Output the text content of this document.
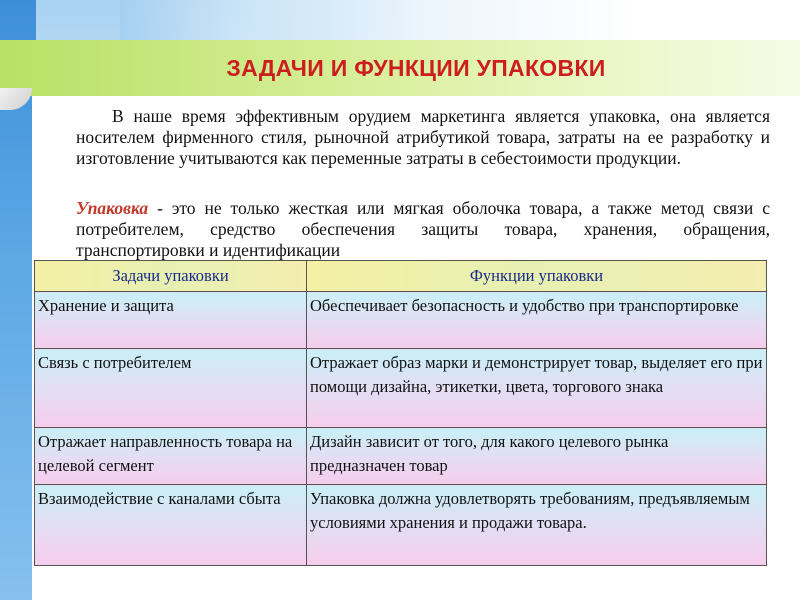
ЗАДАЧИ И ФУНКЦИИ УПАКОВКИ

В наше время эффективным орудием маркетинга является упаковка, она является носителем фирменного стиля, рыночной атрибутикой товара, затраты на ее разработку и изготовление учитываются как переменные затраты в себестоимости продукции.

Упаковка - это не только жесткая или мягкая оболочка товара, а также метод связи с потребителем, средство обеспечения защиты товара, хранения, обращения, транспортировки и идентификации

Задачи упаковки	Функции упаковки
Хранение и защита	Обеспечивает безопасность и удобство при транспортировке
Связь с потребителем	Отражает образ марки и демонстрирует товар, выделяет его при помощи дизайна, этикетки, цвета, торгового знака
Отражает направленность товара на целевой сегмент	Дизайн зависит от того, для какого целевого рынка предназначен товар
Взаимодействие с каналами сбыта	Упаковка должна удовлетворять требованиям, предъявляемым условиями хранения и продажи товара.
